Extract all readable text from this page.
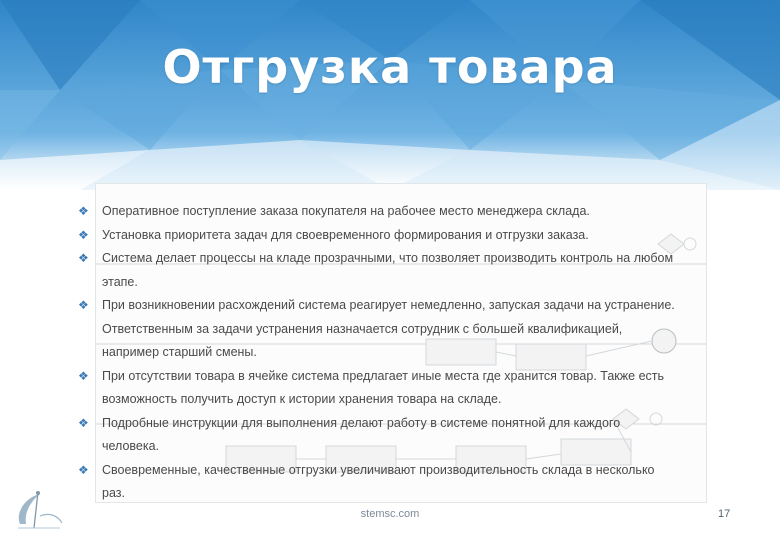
Отгрузка товара
❖ Оперативное поступление заказа покупателя на рабочее место менеджера склада.
❖ Установка приоритета задач для своевременного формирования и отгрузки заказа.
❖ Система делает процессы на кладе прозрачными, что позволяет производить контроль на любом этапе.
❖ При возникновении расхождений система реагирует немедленно, запуская задачи на устранение. Ответственным за задачи устранения назначается сотрудник с большей квалификацией, например старший смены.
❖ При отсутствии товара в ячейке система предлагает иные места где хранится товар. Также есть возможность получить доступ к истории хранения товара на складе.
❖ Подробные инструкции для выполнения делают работу в системе понятной для каждого человека.
❖ Своевременные, качественные отгрузки увеличивают производительность склада в несколько раз.
stemsc.com	17
